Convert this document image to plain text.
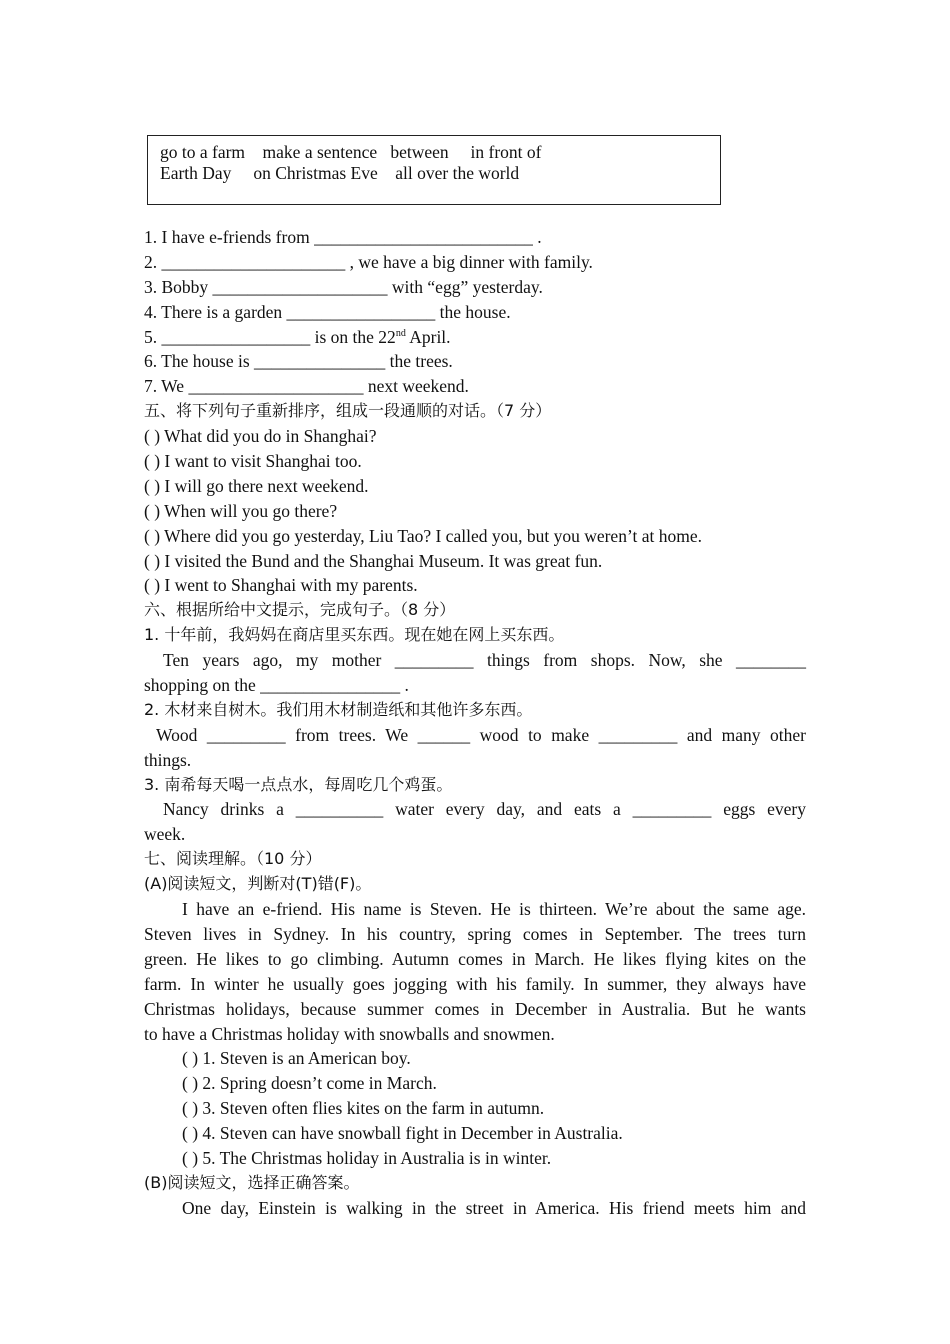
go to a farm make a sentence between in front of
Earth Day on Christmas Eve all over the world
1. I have e-friends from _________________________ .
2. _____________________ , we have a big dinner with family.
3. Bobby ____________________ with “egg” yesterday.
4. There is a garden _________________ the house.
5. _________________ is on the 22nd April.
6. The house is _______________ the trees.
7. We ____________________ next weekend.
五、将下列句子重新排序，组成一段通顺的对话。（7 分）
( ) What did you do in Shanghai?
( ) I want to visit Shanghai too.
( ) I will go there next weekend.
( ) When will you go there?
( ) Where did you go yesterday, Liu Tao? I called you, but you weren’t at home.
( ) I visited the Bund and the Shanghai Museum. It was great fun.
( ) I went to Shanghai with my parents.
六、根据所给中文提示，完成句子。（8 分）
1. 十年前，我妈妈在商店里买东西。现在她在网上买东西。
Ten years ago, my mother _________ things from shops. Now, she ________
shopping on the ________________ .
2. 木材来自树木。我们用木材制造纸和其他许多东西。
Wood _________ from trees. We ______ wood to make _________ and many other
things.
3. 南希每天喝一点点水，每周吃几个鸡蛋。
Nancy drinks a __________ water every day, and eats a _________ eggs every
week.
七、阅读理解。（10 分）
(A)阅读短文，判断对(T)错(F)。
I have an e-friend. His name is Steven. He is thirteen. We’re about the same age.
Steven lives in Sydney. In his country, spring comes in September. The trees turn
green. He likes to go climbing. Autumn comes in March. He likes flying kites on the
farm. In winter he usually goes jogging with his family. In summer, they always have
Christmas holidays, because summer comes in December in Australia. But he wants
to have a Christmas holiday with snowballs and snowmen.
( ) 1. Steven is an American boy.
( ) 2. Spring doesn’t come in March.
( ) 3. Steven often flies kites on the farm in autumn.
( ) 4. Steven can have snowball fight in December in Australia.
( ) 5. The Christmas holiday in Australia is in winter.
(B)阅读短文，选择正确答案。
One day, Einstein is walking in the street in America. His friend meets him and
